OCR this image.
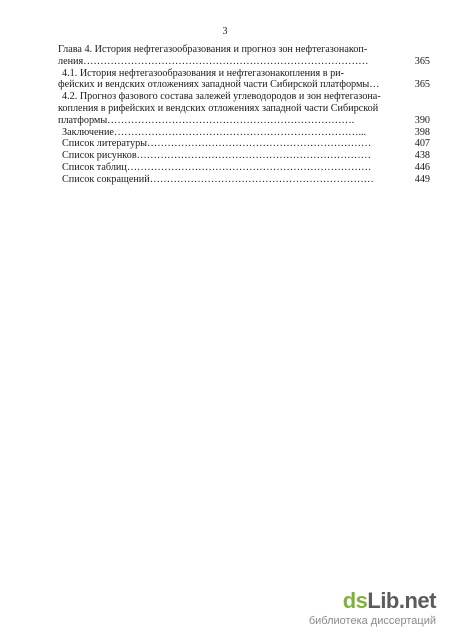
3
Глава 4. История нефтегазообразования и прогноз зон нефтегазонакоп-
ления…………………………………………………………………………	365
4.1. История нефтегазообразования и нефтегазонакопления в ри-
фейских и вендских отложениях западной части Сибирской платформы…	365
4.2. Прогноз фазового состава залежей углеводородов и зон нефтегазона-
копления в рифейских и вендских отложениях западной части Сибирской
платформы……………………………………………………………….	390
Заключение………………………………………………………………...	398
Список литературы…………………………………………………………	407
Список рисунков……………………………………………………………	438
Список таблиц………………………………………………………………	446
Список сокращений…………………………………………………………	449
dsLib.net
библиотека диссертаций
